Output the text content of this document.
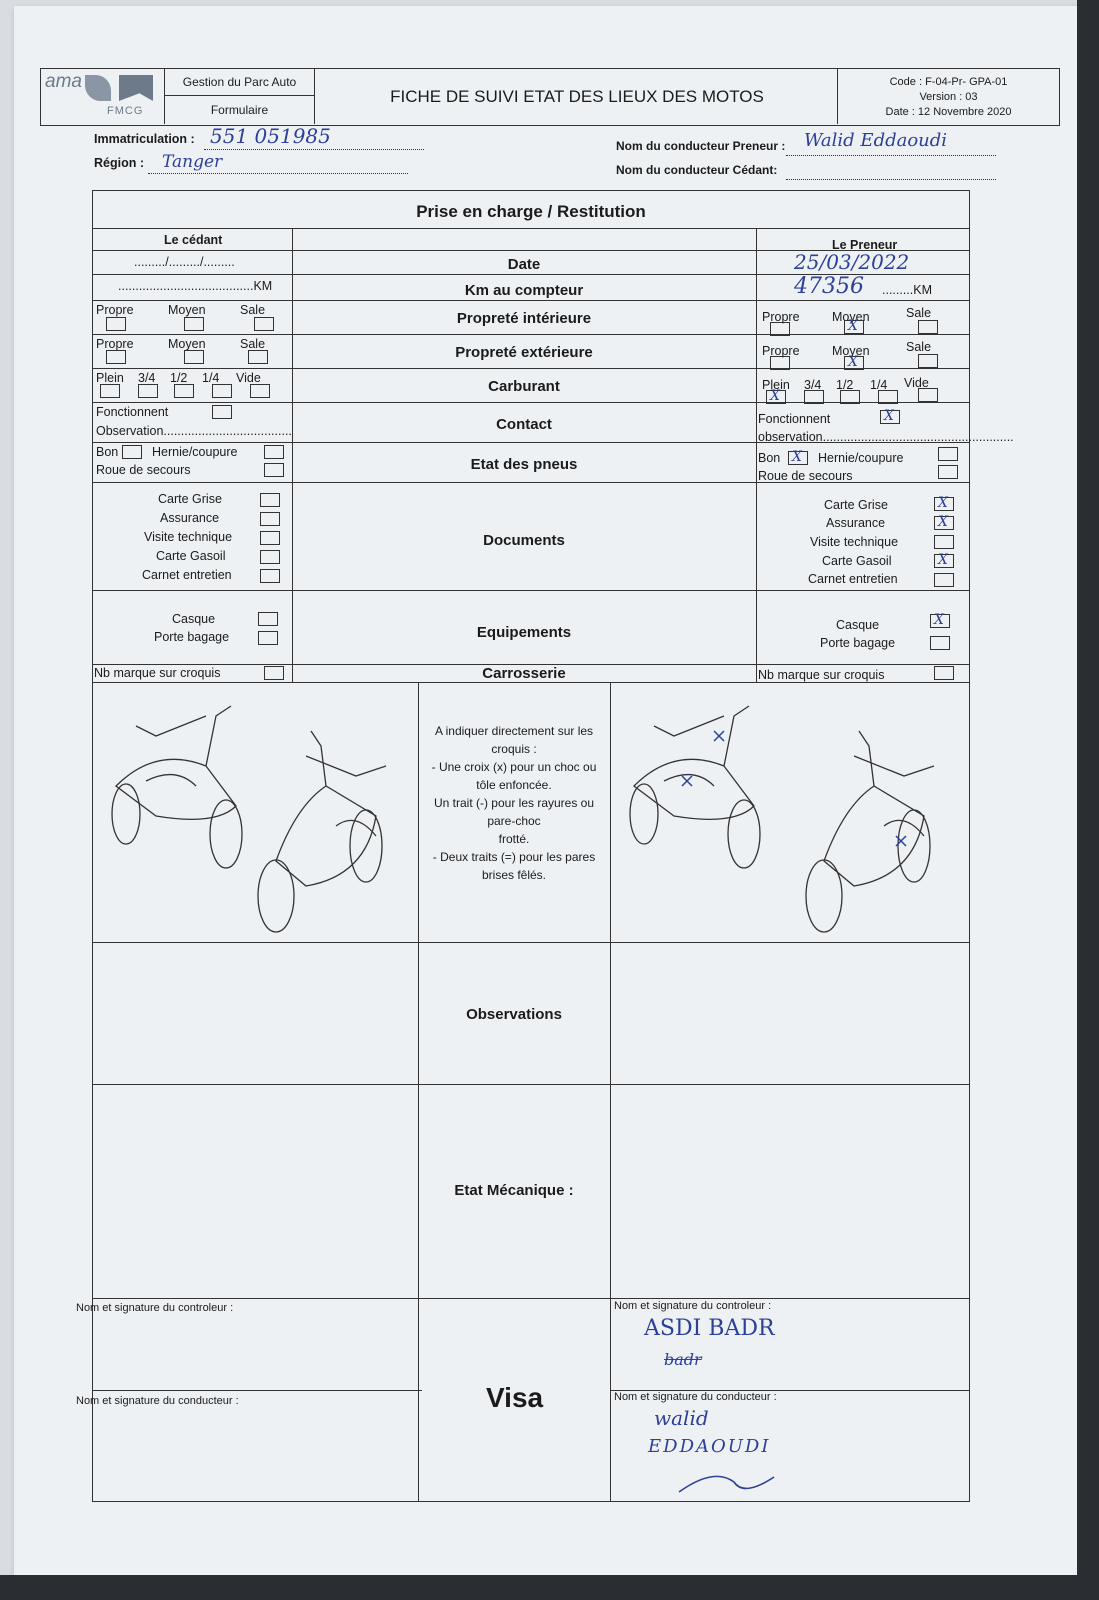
ama
FMCG
Gestion du Parc Auto
Formulaire
FICHE DE SUIVI ETAT DES LIEUX DES MOTOS
Code : F-04-Pr- GPA-01
Version : 03
Date : 12 Novembre 2020
Immatriculation : 551 051985
Région : Tanger
Nom du conducteur Preneur : Walid Eddaoudi
Nom du conducteur Cédant:
Prise en charge / Restitution
Le cédant	Le Preneur
........./........./.........	Date	25/03/2022
.......................................KM	Km au compteur	47356 .........KM
Propre	Moyen	Sale	Propreté intérieure	Propre	Moyen	Sale
X
Propre	Moyen	Sale	Propreté extérieure	Propre	Moyen	Sale
X
Plein 3/4 1/2 1/4 Vide	Carburant	Plein 3/4 1/2 1/4 Vide
X
Fonctionnent
Observation.....................................	Contact	Fonctionnent
X
observation.......................................................
Bon	Hernie/coupure
Roue de secours	Etat des pneus	Bon
X	Hernie/coupure
Roue de secours
Carte Grise
Assurance
Visite technique
Carte Gasoil
Carnet entretien
Documents
Carte Grise
Assurance
Visite technique
Carte Gasoil
Carnet entretien
X
X
X
Casque
Porte bagage	Equipements	Casque
Porte bagage
X
Nb marque sur croquis	Carrosserie	Nb marque sur croquis
A indiquer directement sur les
croquis :
- Une croix (x) pour un choc ou
tôle enfoncée.
Un trait (-) pour les rayures ou
pare-choc
frotté.
- Deux traits (=) pour les pares
brises fêlés.
Observations
Etat Mécanique :
Nom et signature du controleur :
Nom et signature du conducteur :	Visa
Nom et signature du controleur :
ASDI BADR
badr
Nom et signature du conducteur :
walid
EDDAOUDI
